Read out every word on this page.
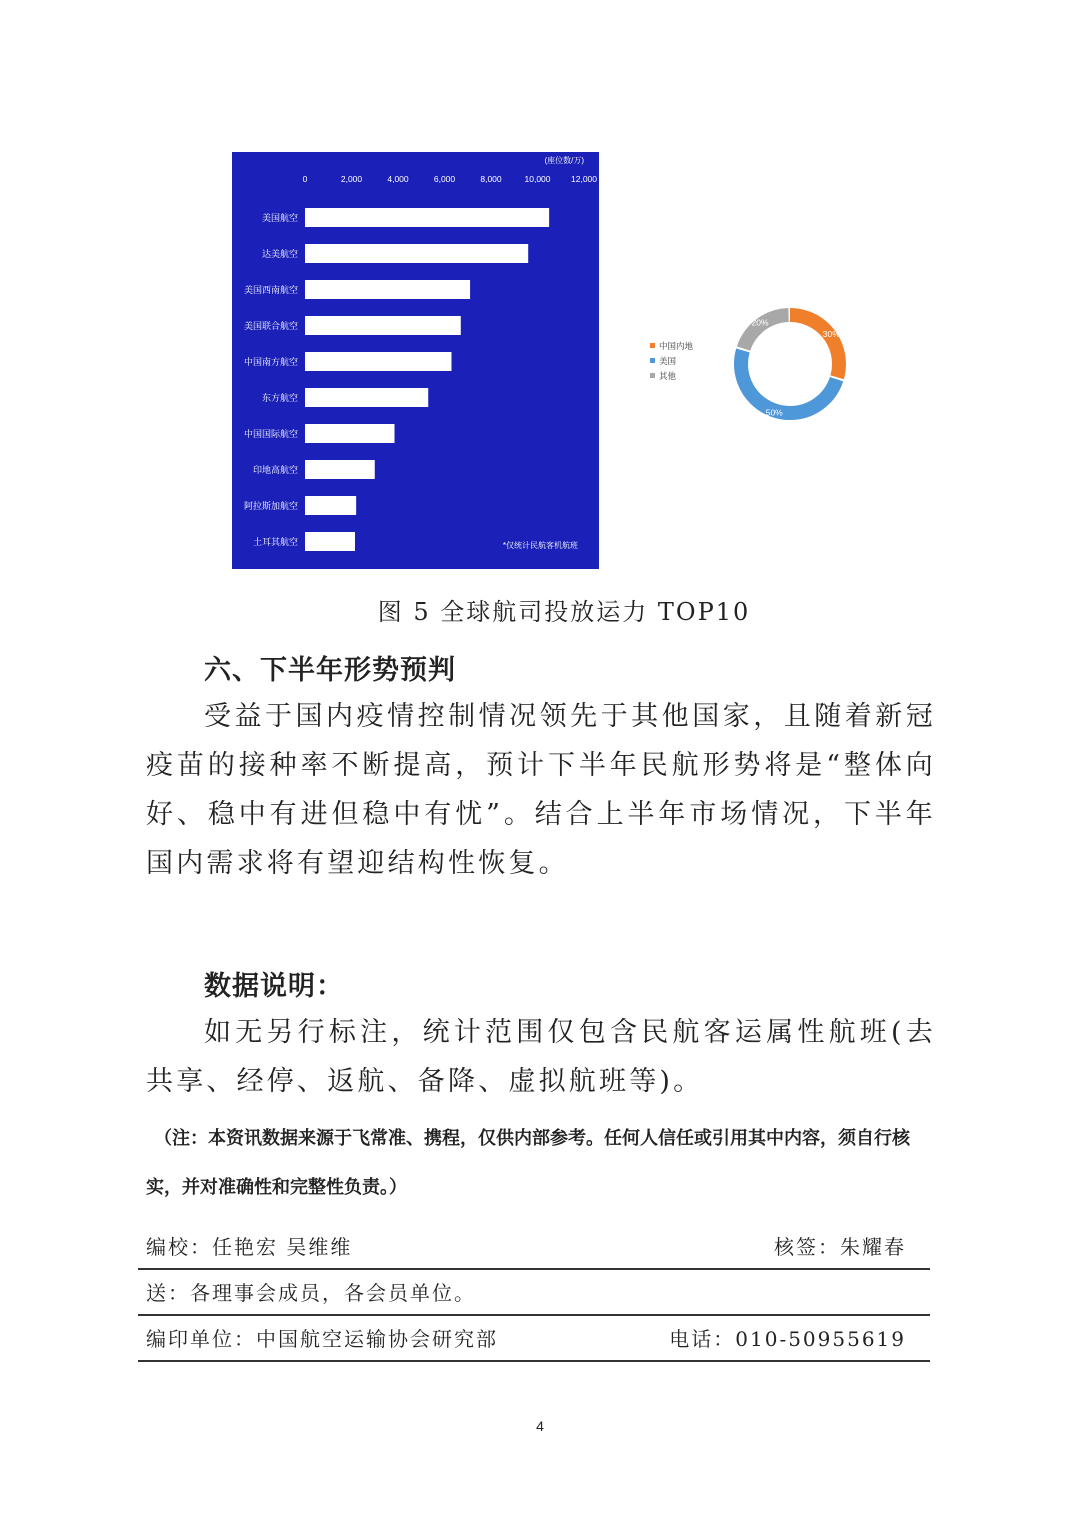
(座位数/万)
0	2,000	4,000	6,000	8,000	10,000 12,000
美国航空
达美航空
美国西南航空
美国联合航空
中国南方航空
东方航空
中国国际航空
印地高航空
阿拉斯加航空
土耳其航空	*仅统计民航客机航班
30%
50%
20%
中国内地
美国
其他
图 5 全球航司投放运力 TOP10
六、下半年形势预判
受益于国内疫情控制情况领先于其他国家，且随着新冠疫苗的接种率不断提高，预计下半年民航形势将是“整体向好、稳中有进但稳中有忧”。结合上半年市场情况，下半年国内需求将有望迎结构性恢复。
数据说明：
如无另行标注，统计范围仅包含民航客运属性航班(去共享、经停、返航、备降、虚拟航班等)。
（注：本资讯数据来源于飞常准、携程，仅供内部参考。任何人信任或引用其中内容，须自行核实，并对准确性和完整性负责。）
编校：任艳宏 吴维维	核签：朱耀春
送：各理事会成员，各会员单位。
编印单位：中国航空运输协会研究部	电话：010-50955619
4
